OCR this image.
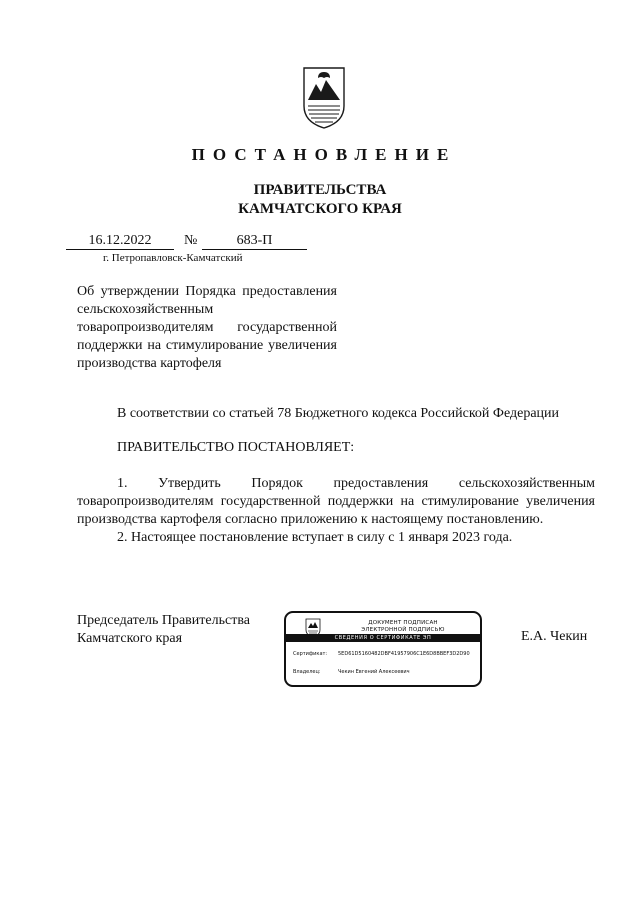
ПОСТАНОВЛЕНИЕ
ПРАВИТЕЛЬСТВА
КАМЧАТСКОГО КРАЯ
16.12.2022	№	683-П
г. Петропавловск-Камчатский
Об утверждении Порядка предоставления сельскохозяйственным товаропроизводителям государственной поддержки на стимулирование увеличения производства картофеля

В соответствии со статьей 78 Бюджетного кодекса Российской Федерации

ПРАВИТЕЛЬСТВО ПОСТАНОВЛЯЕТ:

1. Утвердить Порядок предоставления сельскохозяйственным товаропроизводителям государственной поддержки на стимулирование увеличения производства картофеля согласно приложению к настоящему постановлению.

2. Настоящее постановление вступает в силу с 1 января 2023 года.

Председатель Правительства
Камчатского края	Е.А. Чекин
ДОКУМЕНТ ПОДПИСАН
ЭЛЕКТРОННОЙ ПОДПИСЬЮ
СВЕДЕНИЯ О СЕРТИФИКАТЕ ЭП
Сертификат:	5ED61D5160482DBF41957906C1E6D8BBEF3D2D90
Владелец:	Чекин Евгений Алексеевич
